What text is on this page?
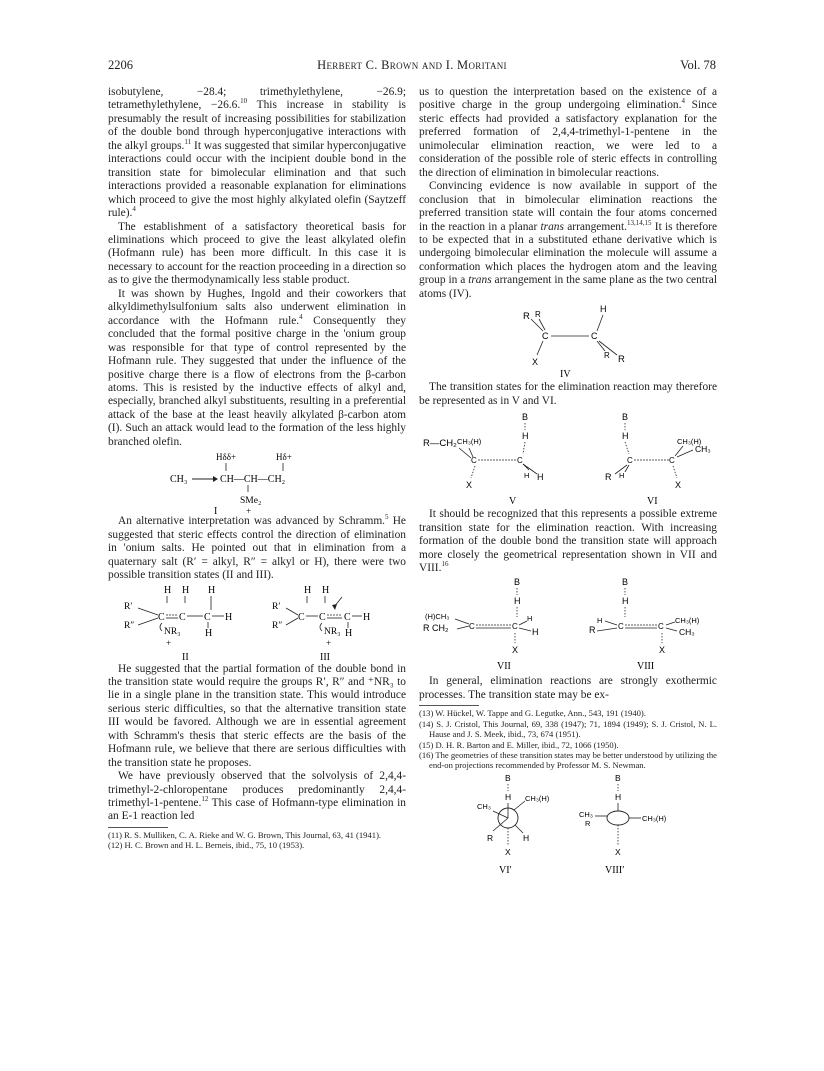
2206	Herbert C. Brown and I. Moritani	Vol. 78

isobutylene, −28.4; trimethylethylene, −26.9; tetramethylethylene, −26.6.10 This increase in stability is presumably the result of increasing possibilities for stabilization of the double bond through hyperconjugative interactions with the alkyl groups.$^{11}$ It was suggested that similar hyperconjugative interactions could occur with the incipient double bond in the transition state for bimolecular elimination and that such interactions provided a reasonable explanation for eliminations which proceed to give the most highly alkylated olefin (Saytzeff rule).$^4$

The establishment of a satisfactory theoretical basis for eliminations which proceed to give the least alkylated olefin (Hofmann rule) has been more difficult. In this case it is necessary to account for the reaction proceeding in a direction so as to give the thermodynamically less stable product.

It was shown by Hughes, Ingold and their coworkers that alkyldimethylsulfonium salts also underwent elimination in accordance with the Hofmann rule.$^4$ Consequently they concluded that the formal positive charge in the 'onium group was responsible for that type of control represented by the Hofmann rule. They suggested that under the influence of the positive charge there is a flow of electrons from the β-carbon atoms. This is resisted by the inductive effects of alkyl and, especially, branched alkyl substituents, resulting in a preferential attack of the base at the least heavily alkylated β-carbon atom (I). Such an attack would lead to the formation of the less highly branched olefin.

Hδδ+	Hδ+
CH₃	CH—CH—CH₂
SMe₂
I	+

An alternative interpretation was advanced by Schramm.$^5$ He suggested that steric effects control the direction of elimination in 'onium salts. He pointed out that in elimination from a quaternary salt (R′ = alkyl, R″ = alkyl or H), there were two possible transition states (II and III).

H H H
R′
R″
C C C H
NR₃ H
+
II
H H
R′
R″
C C C H
NR₃ H
+
III

He suggested that the partial formation of the double bond in the transition state would require the groups R′, R″ and ⁺NR₃ to lie in a single plane in the transition state. This would introduce serious steric difficulties, so that the alternative transition state III would be favored. Although we are in essential agreement with Schramm's thesis that steric effects are the basis of the Hofmann rule, we believe that there are serious difficulties with the transition state he proposes.

We have previously observed that the solvolysis of 2,4,4-trimethyl-2-chloropentane produces predominantly 2,4,4-trimethyl-1-pentene.$^{12}$ This case of Hofmann-type elimination in an E-1 reaction led

(11) R. S. Mulliken, C. A. Rieke and W. G. Brown, This Journal, 63, 41 (1941).

(12) H. C. Brown and H. L. Berneis, ibid., 75, 10 (1953).

us to question the interpretation based on the existence of a positive charge in the group undergoing elimination.$^4$ Since steric effects had provided a satisfactory explanation for the preferred formation of 2,4,4-trimethyl-1-pentene in the unimolecular elimination reaction, we were led to a consideration of the possible role of steric effects in controlling the direction of elimination in bimolecular reactions.

Convincing evidence is now available in support of the conclusion that in bimolecular elimination reactions the preferred transition state will contain the four atoms concerned in the reaction in a planar trans arrangement.$^{13,14,15}$ It is therefore to be expected that in a substituted ethane derivative which is undergoing bimolecular elimination the molecule will assume a conformation which places the hydrogen atom and the leaving group in a trans arrangement in the same plane as the two central atoms (IV).

R R
C	C
H
X
R R
IV

The transition states for the elimination reaction may therefore be represented as in V and VI.

B
H
R—CH₂ CH₃(H)
C	C
H H
X
V
B
H
C	C
CH₃(H)
CH₃
R H
X
VI

It should be recognized that this represents a possible extreme transition state for the elimination reaction. With increasing formation of the double bond the transition state will approach more closely the geometrical representation shown in VII and VIII.$^{16}$

B
H
(H)CH₃
R CH₂	C	C
H
H
X
VII
B
H
H
R	C	C
CH₃(H)
CH₃
X
VIII

In general, elimination reactions are strongly exothermic processes. The transition state may be ex-

(13) W. Hückel, W. Tappe and G. Legutke, Ann., 543, 191 (1940).

(14) S. J. Cristol, This Journal, 69, 338 (1947); 71, 1894 (1949); S. J. Cristol, N. L. Hause and J. S. Meek, ibid., 73, 674 (1951).

(15) D. H. R. Barton and E. Miller, ibid., 72, 1066 (1950).

(16) The geometries of these transition states may be better understood by utilizing the end-on projections recommended by Professor M. S. Newman.

B
H
CH₃
R
CH₃(H)
H
X
VI′
B
H
CH₃
R
CH₃(H)
X
VIII′
